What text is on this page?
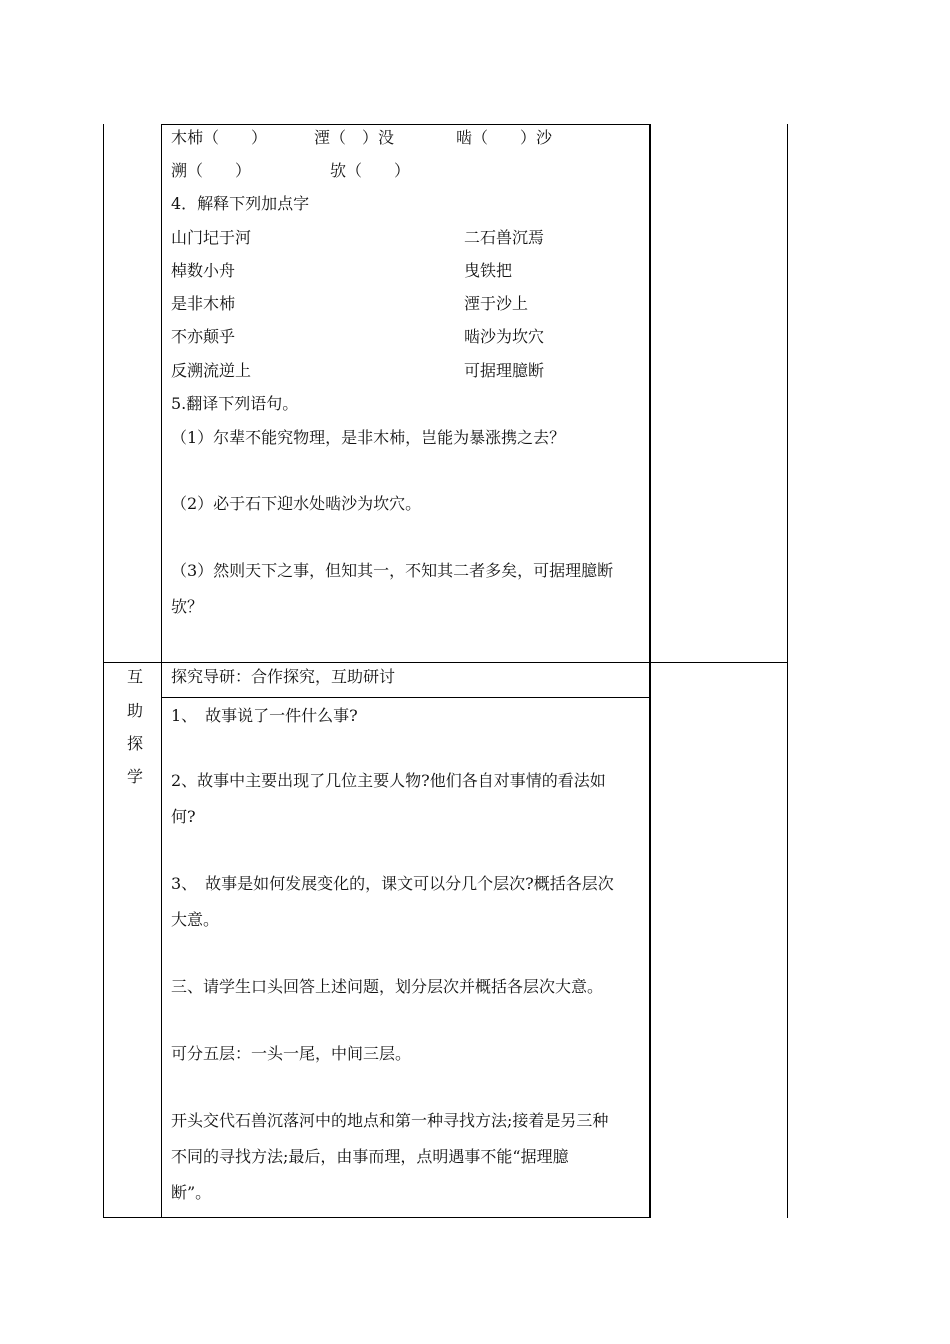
木杮（　　）	湮（　）没	啮（　　）沙
溯（　　）	欤（　　）
4．解释下列加点字
山门圮于河	二石兽沉焉
棹数小舟	曳铁把
是非木杮	湮于沙上
不亦颠乎	啮沙为坎穴
反溯流逆上	可据理臆断
5.翻译下列语句。
（1）尔辈不能究物理，是非木杮，岂能为暴涨携之去？
（2）必于石下迎水处啮沙为坎穴。
（3）然则天下之事，但知其一，不知其二者多矣，可据理臆断
欤？
互
助
探
学
探究导研：合作探究，互助研讨
1、　故事说了一件什么事?
2、故事中主要出现了几位主要人物?他们各自对事情的看法如
何?
3、　故事是如何发展变化的，课文可以分几个层次?概括各层次
大意。
三、请学生口头回答上述问题，划分层次并概括各层次大意。
可分五层：一头一尾，中间三层。
开头交代石兽沉落河中的地点和第一种寻找方法;接着是另三种
不同的寻找方法;最后，由事而理，点明遇事不能“据理臆
断”。
